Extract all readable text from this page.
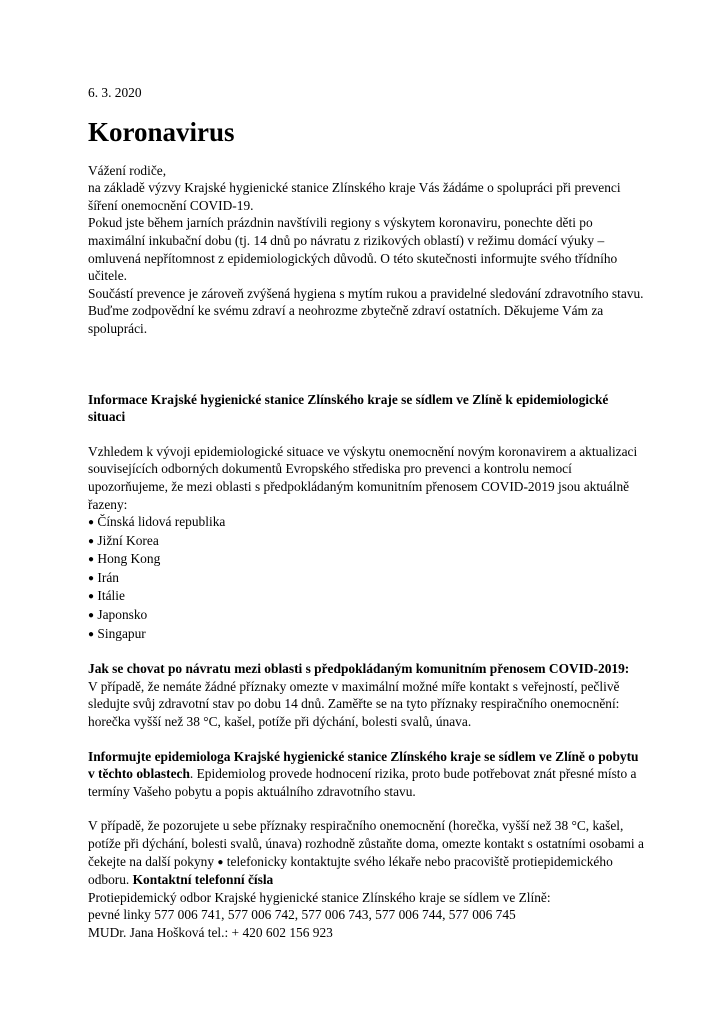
6. 3. 2020

Koronavirus

Vážení rodiče,

na základě výzvy Krajské hygienické stanice Zlínského kraje Vás žádáme o spolupráci při prevenci šíření onemocnění COVID-19.

Pokud jste během jarních prázdnin navštívili regiony s výskytem koronaviru, ponechte děti po maximální inkubační dobu (tj. 14 dnů po návratu z rizikových oblastí) v režimu domácí výuky – omluvená nepřítomnost z epidemiologických důvodů. O této skutečnosti informujte svého třídního učitele.

Součástí prevence je zároveň zvýšená hygiena s mytím rukou a pravidelné sledování zdravotního stavu. Buďme zodpovědní ke svému zdraví a neohrozme zbytečně zdraví ostatních. Děkujeme Vám za spolupráci.

Informace Krajské hygienické stanice Zlínského kraje se sídlem ve Zlíně k epidemiologické situaci

Vzhledem k vývoji epidemiologické situace ve výskytu onemocnění novým koronavirem a aktualizaci souvisejících odborných dokumentů Evropského střediska pro prevenci a kontrolu nemocí upozorňujeme, že mezi oblasti s předpokládaným komunitním přenosem COVID-2019 jsou aktuálně řazeny:

● Čínská lidová republika
● Jižní Korea
● Hong Kong
● Irán
● Itálie
● Japonsko
● Singapur

Jak se chovat po návratu mezi oblasti s předpokládaným komunitním přenosem COVID-2019:

V případě, že nemáte žádné příznaky omezte v maximální možné míře kontakt s veřejností, pečlivě sledujte svůj zdravotní stav po dobu 14 dnů. Zaměřte se na tyto příznaky respiračního onemocnění: horečka vyšší než 38 °C, kašel, potíže při dýchání, bolesti svalů, únava.

Informujte epidemiologa Krajské hygienické stanice Zlínského kraje se sídlem ve Zlíně o pobytu v těchto oblastech. Epidemiolog provede hodnocení rizika, proto bude potřebovat znát přesné místo a termíny Vašeho pobytu a popis aktuálního zdravotního stavu.

V případě, že pozorujete u sebe příznaky respiračního onemocnění (horečka, vyšší než 38 °C, kašel, potíže při dýchání, bolesti svalů, únava) rozhodně zůstaňte doma, omezte kontakt s ostatními osobami a čekejte na další pokyny ● telefonicky kontaktujte svého lékaře nebo pracoviště protiepidemického odboru. Kontaktní telefonní čísla

Protiepidemický odbor Krajské hygienické stanice Zlínského kraje se sídlem ve Zlíně:

pevné linky 577 006 741, 577 006 742, 577 006 743, 577 006 744, 577 006 745

MUDr. Jana Hošková tel.: + 420 602 156 923
